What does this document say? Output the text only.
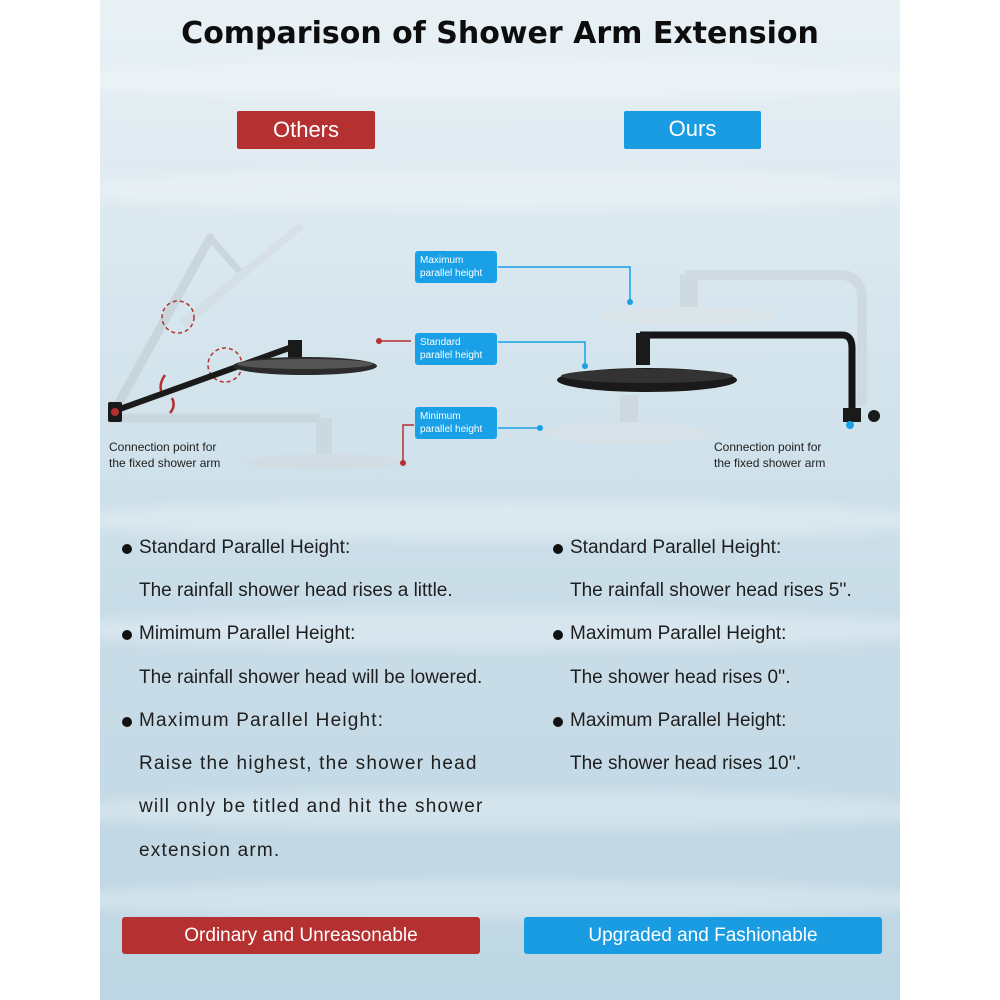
Comparison of Shower Arm Extension
Others	Ours
Maximum
parallel height
Standard
parallel height
Minimum
parallel height
Connection point for
the fixed shower arm
Connection point for
the fixed shower arm
Standard Parallel Height:
The rainfall shower head rises a little.
Mimimum Parallel Height:
The rainfall shower head will be lowered.
Maximum Parallel Height:
Raise the highest, the shower head
will only be titled and hit the shower
extension arm.
Standard Parallel Height:
The rainfall shower head rises 5''.
Maximum Parallel Height:
The shower head rises 0''.
Maximum Parallel Height:
The shower head rises 10''.
Ordinary and Unreasonable	Upgraded and Fashionable
